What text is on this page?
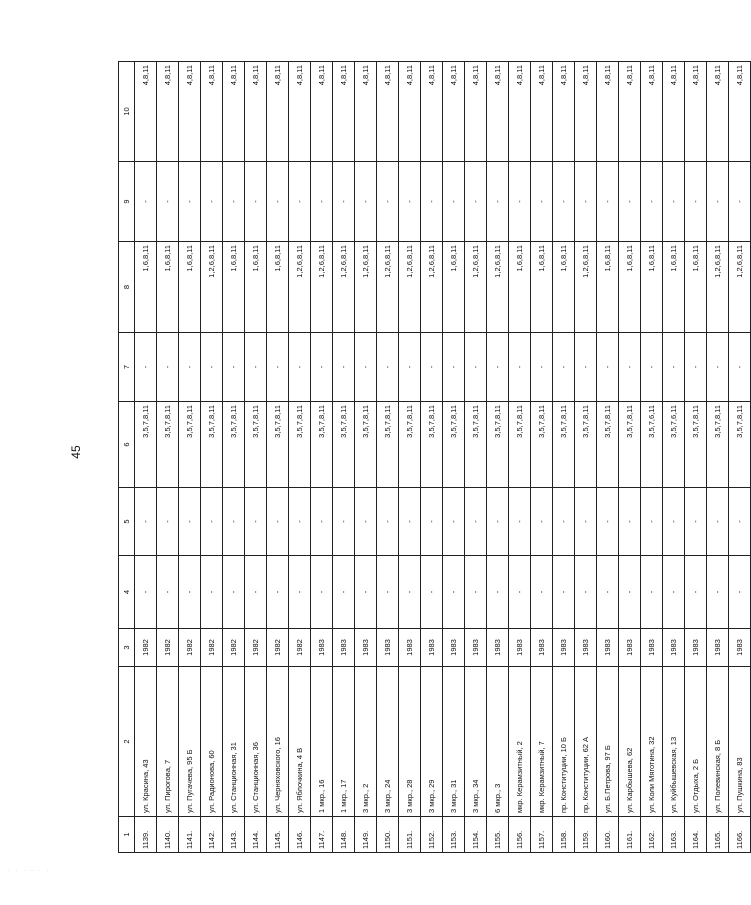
45
1	2	3	4	5	6	7	8	9	10
1139.	ул. Красина, 43	1982	-	-	3,5,7,8,11	-	1,6,8,11	-	4,8,11
1140.	ул. Пирогова, 7	1982	-	-	3,5,7,8,11	-	1,6,8,11	-	4,8,11
1141.	ул. Пугачева, 95 Б	1982	-	-	3,5,7,8,11	-	1,6,8,11	-	4,8,11
1142.	ул. Радионова, 60	1982	-	-	3,5,7,8,11	-	1,2,6,8,11	-	4,8,11
1143.	ул. Станционная, 31	1982	-	-	3,5,7,8,11	-	1,6,8,11	-	4,8,11
1144.	ул. Станционная, 36	1982	-	-	3,5,7,8,11	-	1,6,8,11	-	4,8,11
1145.	ул. Черняховского, 16	1982	-	-	3,5,7,8,11	-	1,6,8,11	-	4,8,11
1146.	ул. Яблочкина, 4 В	1982	-	-	3,5,7,8,11	-	1,2,6,8,11	-	4,8,11
1147.	1 мкр., 16	1983	-	-	3,5,7,8,11	-	1,2,6,8,11	-	4,8,11
1148.	1 мкр., 17	1983	-	-	3,5,7,8,11	-	1,2,6,8,11	-	4,8,11
1149.	3 мкр., 2	1983	-	-	3,5,7,8,11	-	1,2,6,8,11	-	4,8,11
1150.	3 мкр., 24	1983	-	-	3,5,7,8,11	-	1,2,6,8,11	-	4,8,11
1151.	3 мкр., 28	1983	-	-	3,5,7,8,11	-	1,2,6,8,11	-	4,8,11
1152.	3 мкр., 29	1983	-	-	3,5,7,8,11	-	1,2,6,8,11	-	4,8,11
1153.	3 мкр., 31	1983	-	-	3,5,7,8,11	-	1,6,8,11	-	4,8,11
1154.	3 мкр., 34	1983	-	-	3,5,7,8,11	-	1,2,6,8,11	-	4,8,11
1155.	6 мкр., 3	1983	-	-	3,5,7,8,11	-	1,2,6,8,11	-	4,8,11
1156.	мкр. Керамзитный, 2	1983	-	-	3,5,7,8,11	-	1,6,8,11	-	4,8,11
1157.	мкр. Керамзитный, 7	1983	-	-	3,5,7,8,11	-	1,6,8,11	-	4,8,11
1158.	пр. Конституции, 10 Б	1983	-	-	3,5,7,8,11	-	1,6,8,11	-	4,8,11
1159.	пр. Конституции, 62 А	1983	-	-	3,5,7,8,11	-	1,2,6,8,11	-	4,8,11
1160.	ул. Б.Петрова, 97 Б	1983	-	-	3,5,7,8,11	-	1,6,8,11	-	4,8,11
1161.	ул. Карбышева, 62	1983	-	-	3,5,7,8,11	-	1,6,8,11	-	4,8,11
1162.	ул. Коли Мяготина, 32	1983	-	-	3,5,7,6,11	-	1,6,8,11	-	4,8,11
1163.	ул. Куйбышевская, 13	1983	-	-	3,5,7,6,11	-	1,6,8,11	-	4,8,11
1164.	ул. Отдыха, 2 Б	1983	-	-	3,5,7,8,11	-	1,6,8,11	-	4,8,11
1165.	ул. Полевинская, 8 Б	1983	-	-	3,5,7,8,11	-	1,2,6,8,11	-	4,8,11
1166.	ул. Пушкина, 83	1983	-	-	3,5,7,8,11	-	1,2,6,8,11	-	4,8,11
· · · · · ·
